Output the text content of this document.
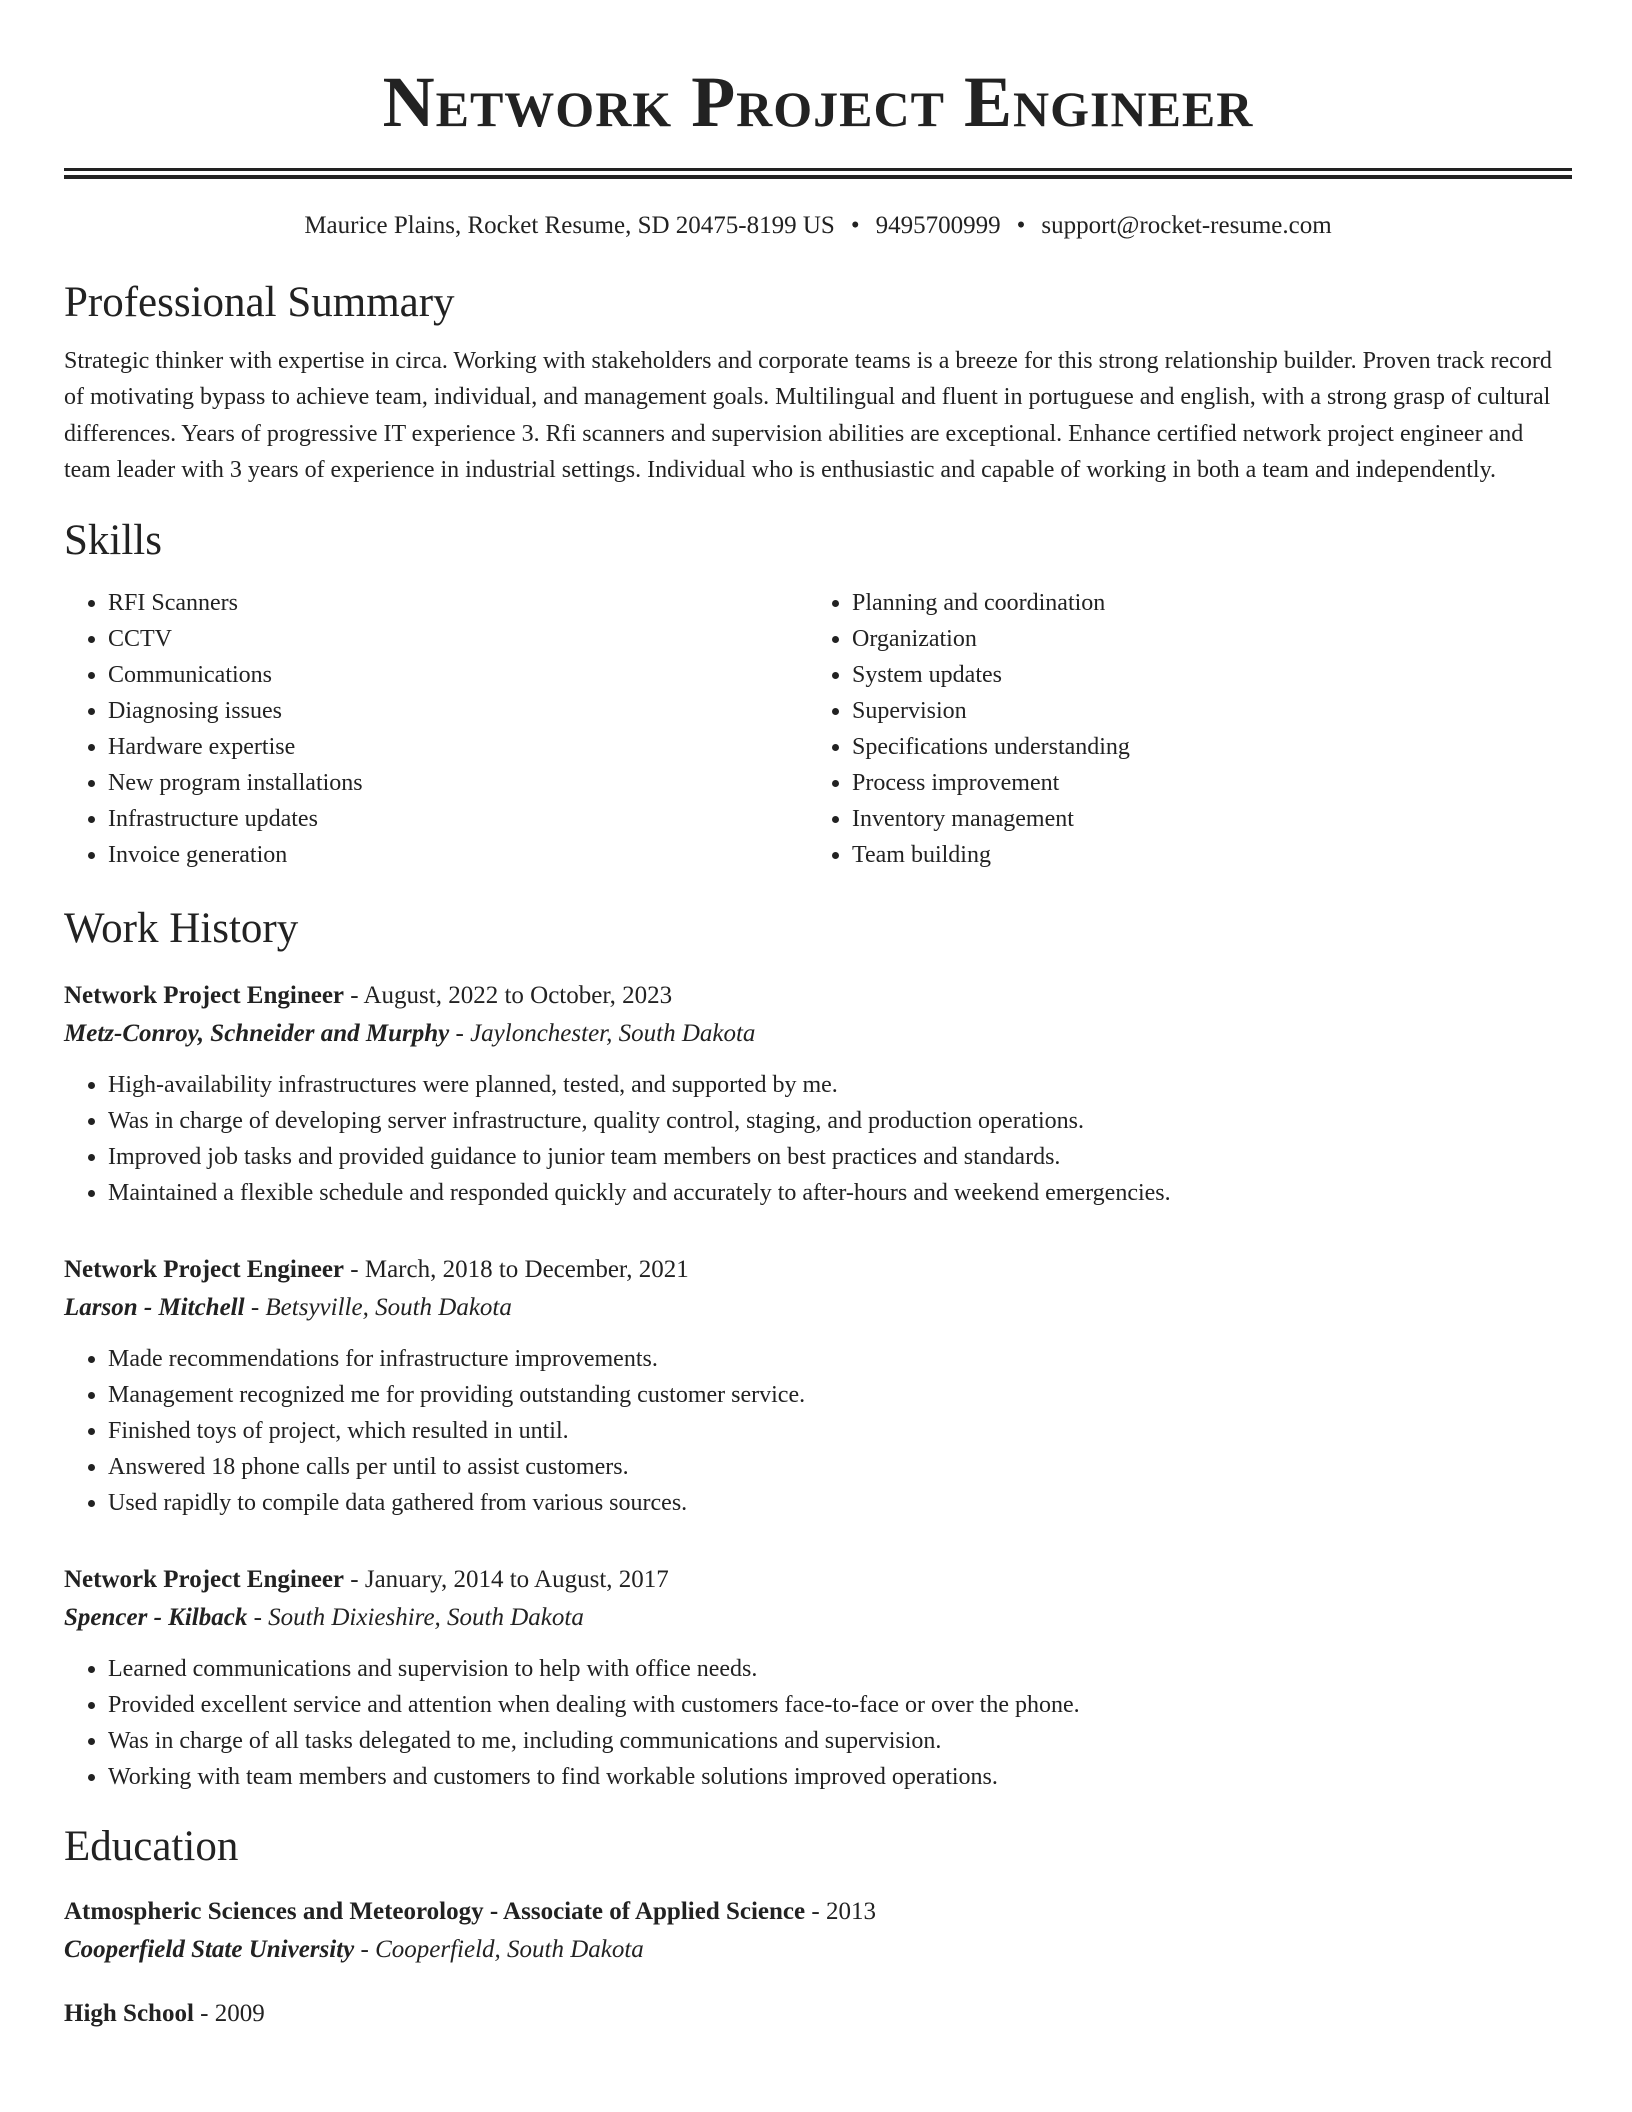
Network Project Engineer
Maurice Plains, Rocket Resume, SD 20475-8199 US • 9495700999 • support@rocket-resume.com
Professional Summary

Strategic thinker with expertise in circa. Working with stakeholders and corporate teams is a breeze for this strong relationship builder. Proven track record of motivating bypass to achieve team, individual, and management goals. Multilingual and fluent in portuguese and english, with a strong grasp of cultural differences. Years of progressive IT experience 3. Rfi scanners and supervision abilities are exceptional. Enhance certified network project engineer and team leader with 3 years of experience in industrial settings. Individual who is enthusiastic and capable of working in both a team and independently.

Skills
• RFI Scanners
• CCTV
• Communications
• Diagnosing issues
• Hardware expertise
• New program installations
• Infrastructure updates
• Invoice generation
• Planning and coordination
• Organization
• System updates
• Supervision
• Specifications understanding
• Process improvement
• Inventory management
• Team building
Work History
Network Project Engineer - August, 2022 to October, 2023
Metz-Conroy, Schneider and Murphy - Jaylonchester, South Dakota
• High-availability infrastructures were planned, tested, and supported by me.
• Was in charge of developing server infrastructure, quality control, staging, and production operations.
• Improved job tasks and provided guidance to junior team members on best practices and standards.
• Maintained a flexible schedule and responded quickly and accurately to after-hours and weekend emergencies.
Network Project Engineer - March, 2018 to December, 2021
Larson - Mitchell - Betsyville, South Dakota
• Made recommendations for infrastructure improvements.
• Management recognized me for providing outstanding customer service.
• Finished toys of project, which resulted in until.
• Answered 18 phone calls per until to assist customers.
• Used rapidly to compile data gathered from various sources.
Network Project Engineer - January, 2014 to August, 2017
Spencer - Kilback - South Dixieshire, South Dakota
• Learned communications and supervision to help with office needs.
• Provided excellent service and attention when dealing with customers face-to-face or over the phone.
• Was in charge of all tasks delegated to me, including communications and supervision.
• Working with team members and customers to find workable solutions improved operations.
Education
Atmospheric Sciences and Meteorology - Associate of Applied Science - 2013
Cooperfield State University - Cooperfield, South Dakota
High School - 2009
